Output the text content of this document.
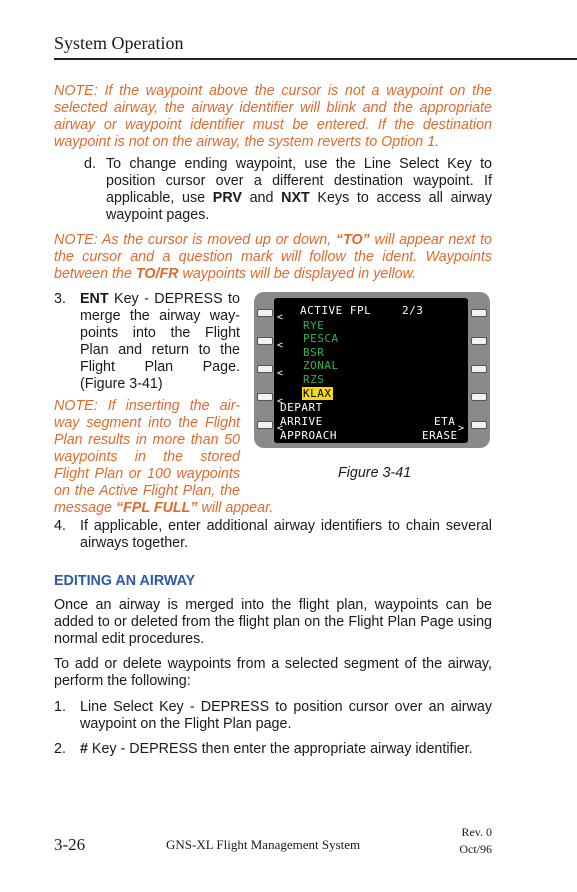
System Operation
NOTE: If the waypoint above the cursor is not a waypoint on the selected airway, the airway identifier will blink and the appropriate airway or waypoint identifier must be entered. If the destination waypoint is not on the airway, the system reverts to Option 1.
d. To change ending waypoint, use the Line Select Key to position cursor over a different destination waypoint. If applicable, use PRV and NXT Keys to access all airway waypoint pages.
NOTE: As the cursor is moved up or down, “TO” will appear next to the cursor and a question mark will follow the ident. Waypoints between the TO/FR waypoints will be displayed in yellow.
3. ENT Key - DEPRESS to
merge the airway way-
points into the Flight
Plan and return to the
Flight Plan Page.
(Figure 3-41)
NOTE: If inserting the air-
way segment into the Flight
Plan results in more than 50
waypoints in the stored
Flight Plan or 100 waypoints
on the Active Flight Plan, the
message “FPL FULL” will appear.
ACTIVE FPL	2/3
<
<
<
<
<	>
RYE
PESCA
BSR
ZONAL
RZS
KLAX
DEPART
ARRIVE
APPROACH
ETA
ERASE
Figure 3-41
4. If applicable, enter additional airway identifiers to chain several airways together.
EDITING AN AIRWAY
Once an airway is merged into the flight plan, waypoints can be added to or deleted from the flight plan on the Flight Plan Page using normal edit procedures.
To add or delete waypoints from a selected segment of the airway, perform the following:
1. Line Select Key - DEPRESS to position cursor over an airway waypoint on the Flight Plan page.
2. # Key - DEPRESS then enter the appropriate airway identifier.
3-26	GNS-XL Flight Management System
Rev. 0
Oct/96
